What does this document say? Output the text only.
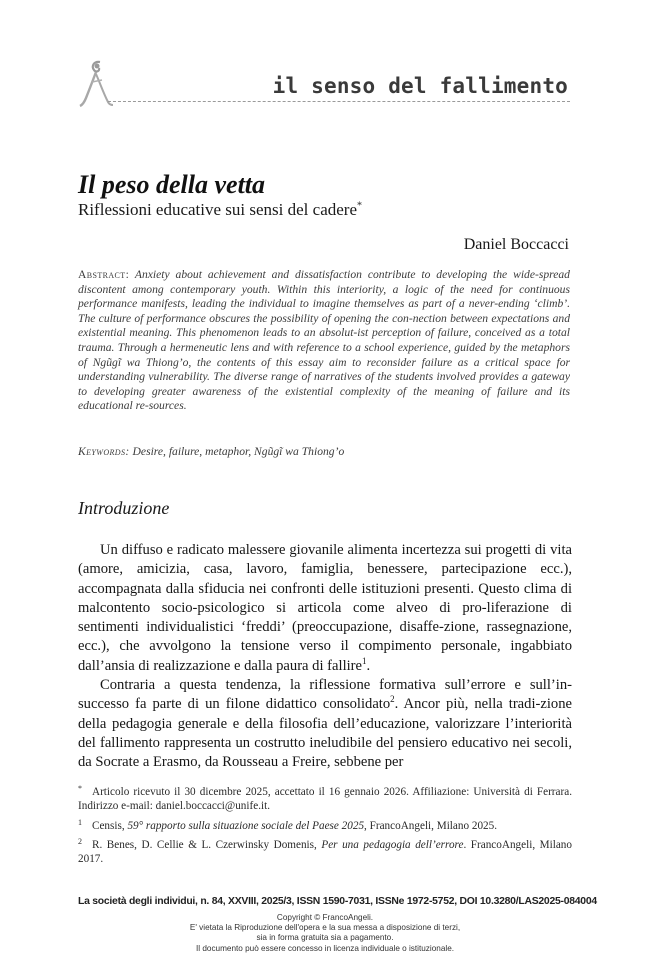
il senso del fallimento
Il peso della vetta
Riflessioni educative sui sensi del cadere*
Daniel Boccacci
Abstract: Anxiety about achievement and dissatisfaction contribute to developing the wide-spread discontent among contemporary youth. Within this interiority, a logic of the need for continuous performance manifests, leading the individual to imagine themselves as part of a never-ending ‘climb’. The culture of performance obscures the possibility of opening the con-nection between expectations and existential meaning. This phenomenon leads to an absolut-ist perception of failure, conceived as a total trauma. Through a hermeneutic lens and with reference to a school experience, guided by the metaphors of Ngũgĩ wa Thiong’o, the contents of this essay aim to reconsider failure as a critical space for understanding vulnerability. The diverse range of narratives of the students involved provides a gateway to developing greater awareness of the existential complexity of the meaning of failure and its educational re-sources.
Keywords: Desire, failure, metaphor, Ngũgĩ wa Thiong’o
Introduzione

Un diffuso e radicato malessere giovanile alimenta incertezza sui progetti di vita (amore, amicizia, casa, lavoro, famiglia, benessere, partecipazione ecc.), accompagnata dalla sfiducia nei confronti delle istituzioni presenti. Questo clima di malcontento socio-psicologico si articola come alveo di pro-liferazione di sentimenti individualistici ‘freddi’ (preoccupazione, disaffe-zione, rassegnazione, ecc.), che avvolgono la tensione verso il compimento personale, ingabbiato dall’ansia di realizzazione e dalla paura di fallire$^1$.

Contraria a questa tendenza, la riflessione formativa sull’errore e sull’in-successo fa parte di un filone didattico consolidato$^2$. Ancor più, nella tradi-zione della pedagogia generale e della filosofia dell’educazione, valorizzare l’interiorità del fallimento rappresenta un costrutto ineludibile del pensiero educativo nei secoli, da Socrate a Erasmo, da Rousseau a Freire, sebbene per

* Articolo ricevuto il 30 dicembre 2025, accettato il 16 gennaio 2026. Affiliazione: Università di Ferrara. Indirizzo e-mail: daniel.boccacci@unife.it.
1 Censis, 59° rapporto sulla situazione sociale del Paese 2025, FrancoAngeli, Milano 2025.
2 R. Benes, D. Cellie & L. Czerwinsky Domenis, Per una pedagogia dell’errore. FrancoAngeli, Milano 2017.
La società degli individui, n. 84, XXVIII, 2025/3, ISSN 1590-7031, ISSNe 1972-5752, DOI 10.3280/LAS2025-084004
Copyright © FrancoAngeli.
E' vietata la Riproduzione dell'opera e la sua messa a disposizione di terzi,
sia in forma gratuita sia a pagamento.
Il documento può essere concesso in licenza individuale o istituzionale.
